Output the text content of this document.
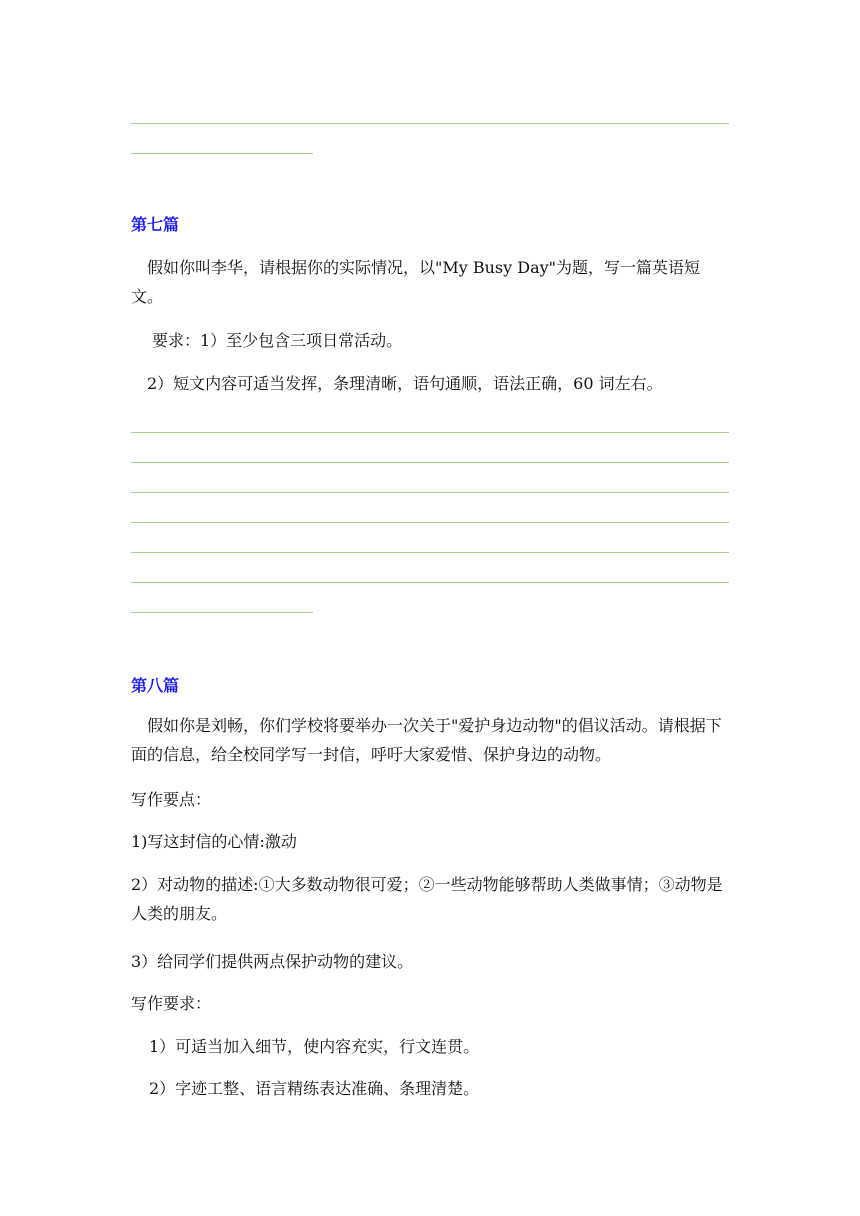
第七篇
假如你叫李华，请根据你的实际情况，以"My Busy Day"为题，写一篇英语短文。
要求：1）至少包含三项日常活动。
2）短文内容可适当发挥，条理清晰，语句通顺，语法正确，60 词左右。
第八篇
假如你是刘畅，你们学校将要举办一次关于"爱护身边动物"的倡议活动。请根据下面的信息，给全校同学写一封信，呼吁大家爱惜、保护身边的动物。
写作要点：
1)写这封信的心情:激动
2）对动物的描述:①大多数动物很可爱；②一些动物能够帮助人类做事情；③动物是人类的朋友。
3）给同学们提供两点保护动物的建议。
写作要求：
1）可适当加入细节，使内容充实，行文连贯。
2）字迹工整、语言精练表达准确、条理清楚。
